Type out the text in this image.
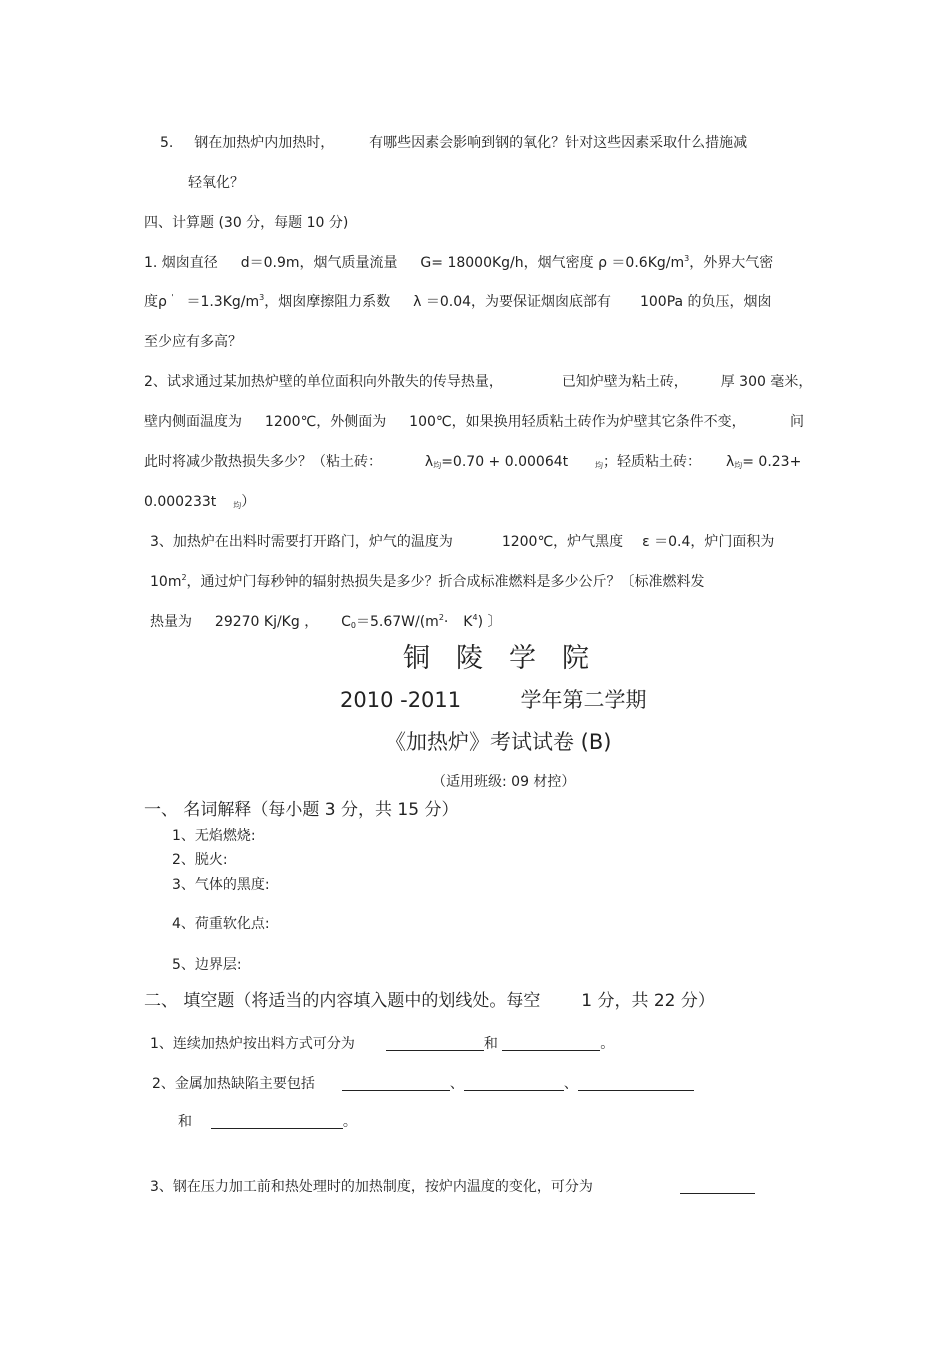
5. 钢在加热炉内加热时， 有哪些因素会影响到钢的氧化？针对这些因素采取什么措施减
轻氧化？
四、计算题 (30 分，每题 10 分)
1. 烟囱直径 d＝0.9m，烟气质量流量 G= 18000Kg/h，烟气密度 $\rho =0.6Kg/m^3$，外界大气密
度ρ $' =1.3Kg/m^3$，烟囱摩擦阻力系数 λ ＝0.04，为要保证烟囱底部有 100Pa 的负压，烟囱
至少应有多高？
2、试求通过某加热炉壁的单位面积向外散失的传导热量，	已知炉壁为粘土砖， 厚 300 毫米，
壁内侧面温度为 1200℃，外侧面为 100℃，如果换用轻质粘土砖作为炉壁其它条件不变，	问
此时将减少散热损失多少？（粘土砖：	$\lambda_均=0.70 + 0.00064t$	$_均$；轻质粘土砖： $\lambda_均= 0.23+$
0.000233t $_均$）
3、加热炉在出料时需要打开路门，炉气的温度为	1200℃，炉气黑度 ε ＝0.4，炉门面积为
$10m^2$，通过炉门每秒钟的辐射热损失是多少？折合成标准燃料是多少公斤？〔标准燃料发
热量为 29270 Kj/Kg ， $C_0=5.67W/(m^2\cdot K^4)$ 〕
铜陵学院
2010 -2011	学年第二学期
《加热炉》考试试卷 (B)
（适用班级: 09 材控）
一、 名词解释（每小题 3 分，共 15 分）
1、无焰燃烧:
2、脱火:
3、气体的黑度:
4、荷重软化点:
5、边界层:
二、 填空题（将适当的内容填入题中的划线处。每空 1 分，共 22 分）
1、连续加热炉按出料方式可分为	和	。
2、金属加热缺陷主要包括	、	、
和	。
3、钢在压力加工前和热处理时的加热制度，按炉内温度的变化，可分为
